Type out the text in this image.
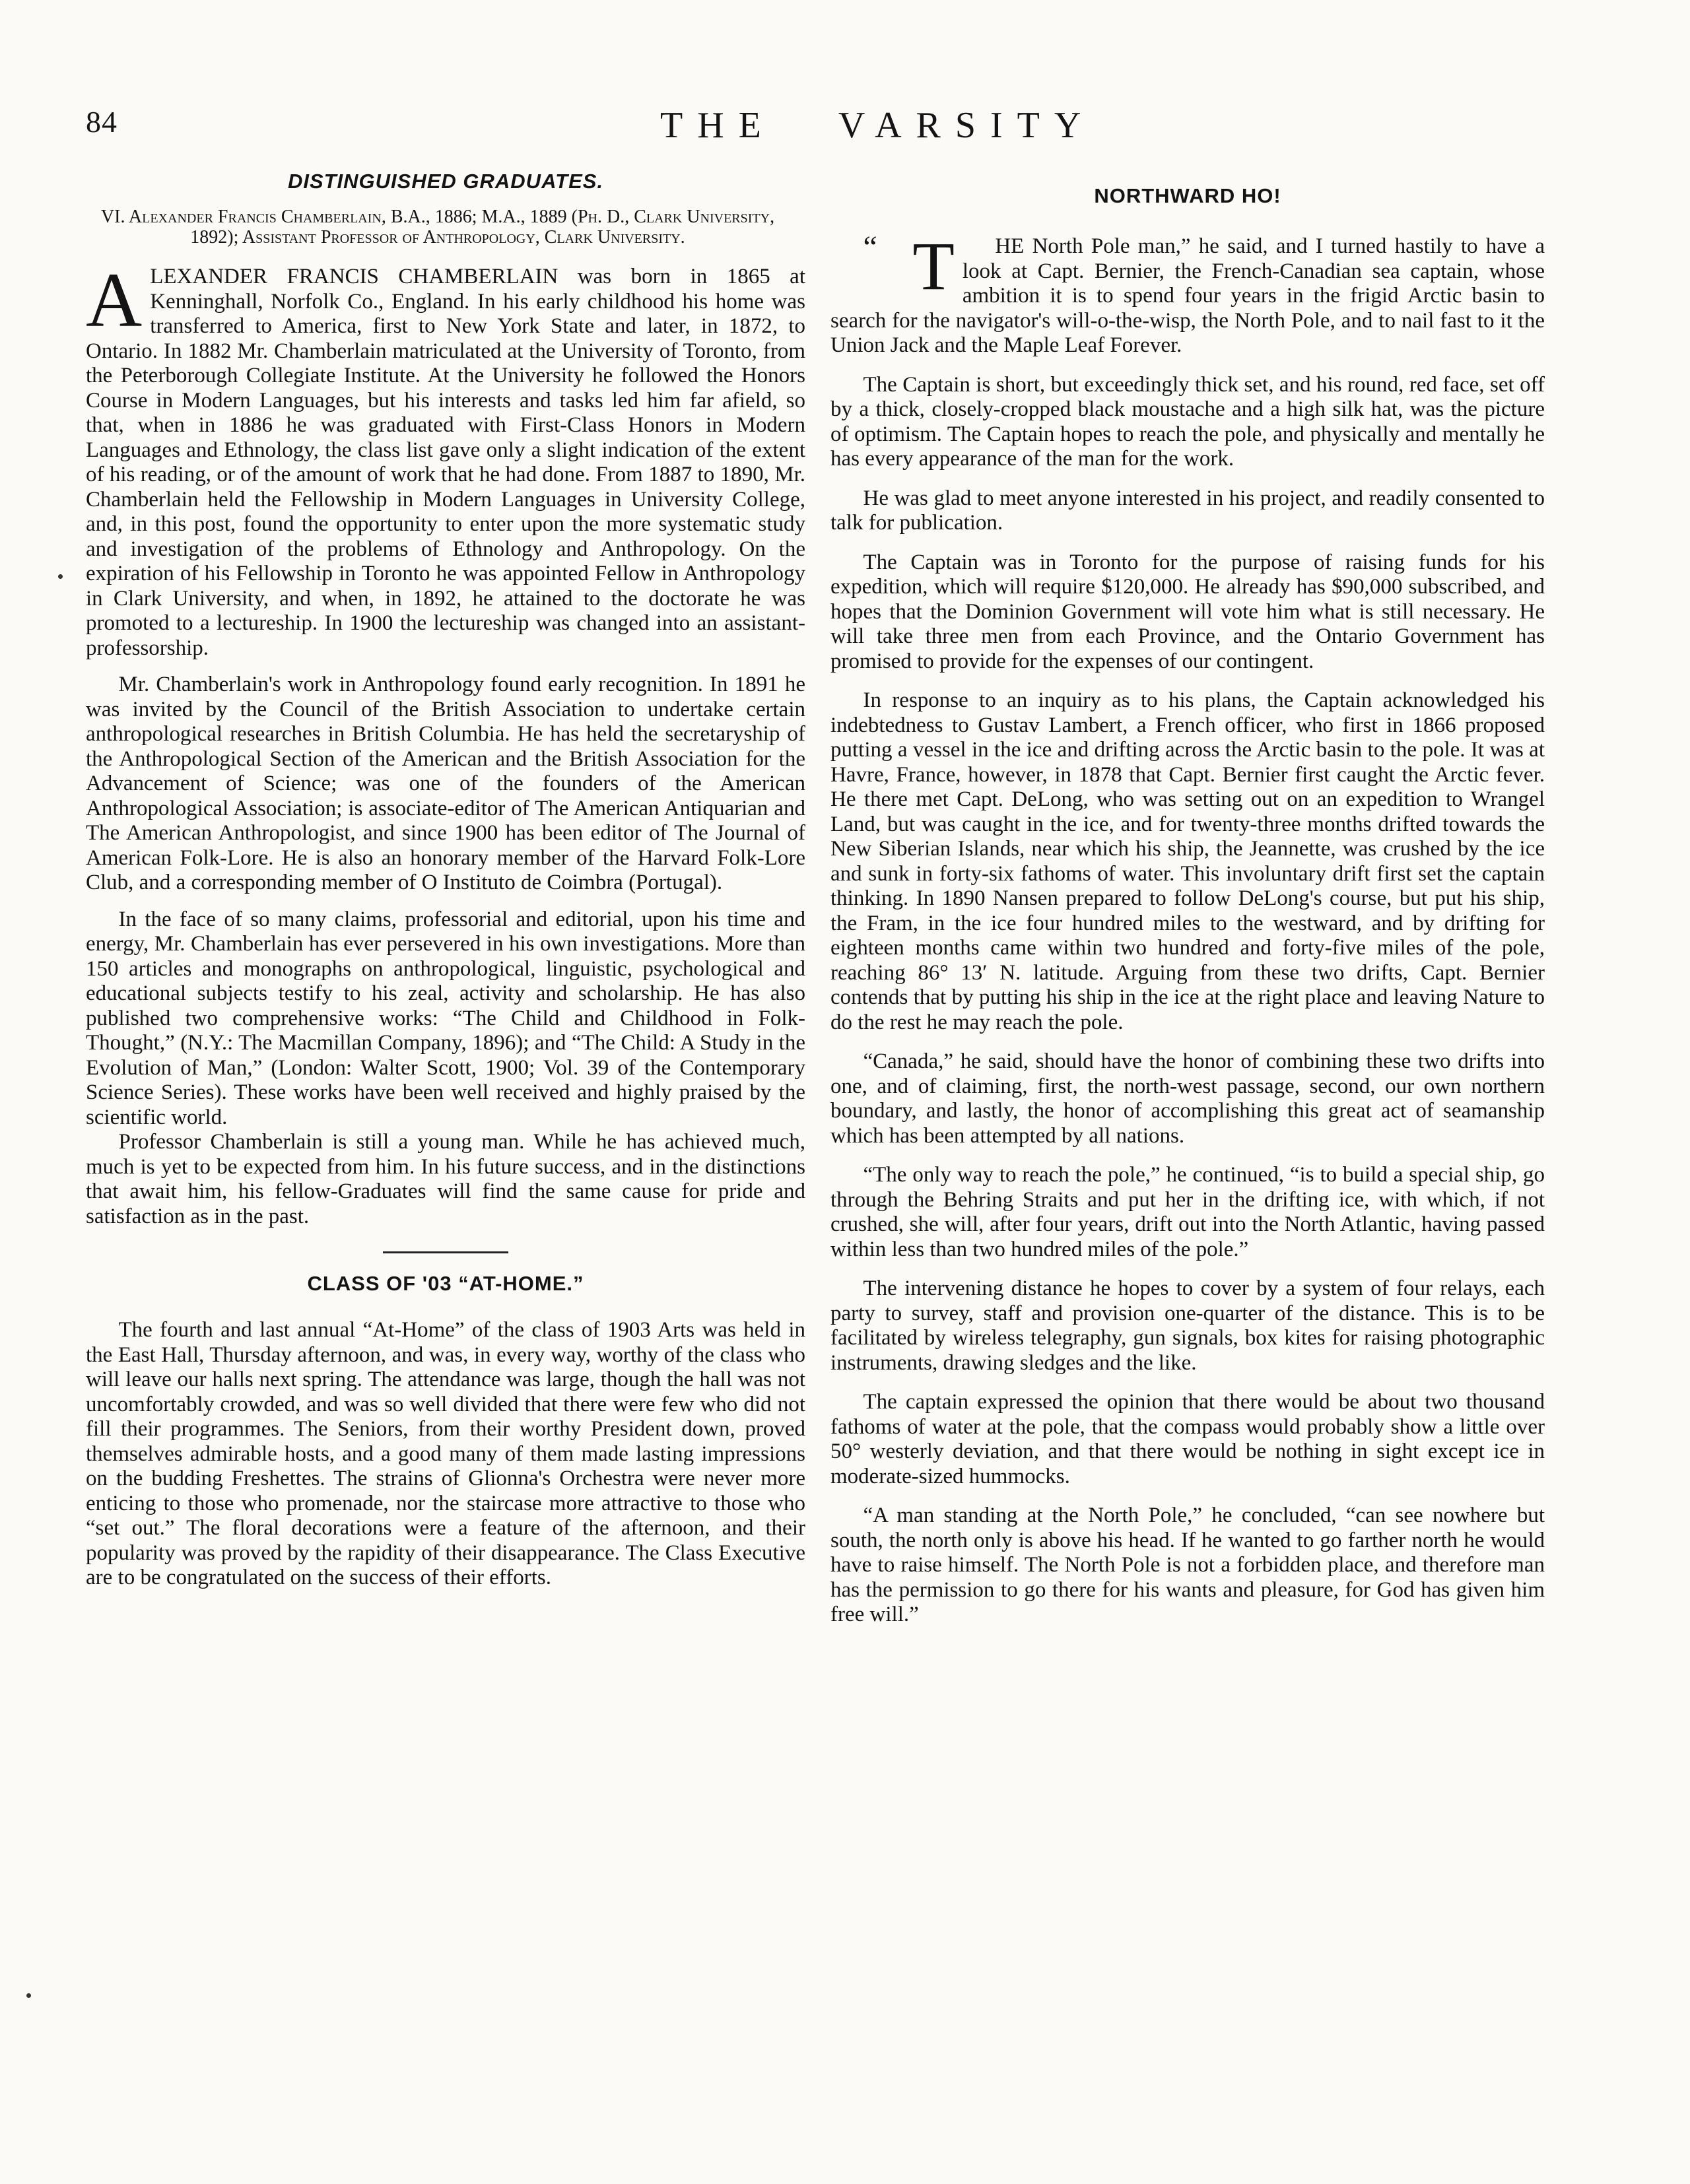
84	THE VARSITY
DISTINGUISHED GRADUATES.
VI. Alexander Francis Chamberlain, B.A., 1886; M.A., 1889 (Ph. D., Clark University, 1892); Assistant Professor of Anthropology, Clark University.

ALEXANDER FRANCIS CHAMBERLAIN was born in 1865 at Kenninghall, Norfolk Co., England. In his early childhood his home was transferred to America, first to New York State and later, in 1872, to Ontario. In 1882 Mr. Chamberlain matriculated at the University of Toronto, from the Peterborough Collegiate Institute. At the University he followed the Honors Course in Modern Languages, but his interests and tasks led him far afield, so that, when in 1886 he was graduated with First-Class Honors in Modern Languages and Ethnology, the class list gave only a slight indication of the extent of his reading, or of the amount of work that he had done. From 1887 to 1890, Mr. Chamberlain held the Fellowship in Modern Languages in University College, and, in this post, found the opportunity to enter upon the more systematic study and investigation of the problems of Ethnology and Anthropology. On the expiration of his Fellowship in Toronto he was appointed Fellow in Anthropology in Clark University, and when, in 1892, he attained to the doctorate he was promoted to a lectureship. In 1900 the lectureship was changed into an assistant-professorship.

Mr. Chamberlain's work in Anthropology found early recognition. In 1891 he was invited by the Council of the British Association to undertake certain anthropological researches in British Columbia. He has held the secretaryship of the Anthropological Section of the American and the British Association for the Advancement of Science; was one of the founders of the American Anthropological Association; is associate-editor of The American Antiquarian and The American Anthropologist, and since 1900 has been editor of The Journal of American Folk-Lore. He is also an honorary member of the Harvard Folk-Lore Club, and a corresponding member of O Instituto de Coimbra (Portugal).

In the face of so many claims, professorial and editorial, upon his time and energy, Mr. Chamberlain has ever persevered in his own investigations. More than 150 articles and monographs on anthropological, linguistic, psychological and educational subjects testify to his zeal, activity and scholarship. He has also published two comprehensive works: “The Child and Childhood in Folk-Thought,” (N.Y.: The Macmillan Company, 1896); and “The Child: A Study in the Evolution of Man,” (London: Walter Scott, 1900; Vol. 39 of the Contemporary Science Series). These works have been well received and highly praised by the scientific world.

Professor Chamberlain is still a young man. While he has achieved much, much is yet to be expected from him. In his future success, and in the distinctions that await him, his fellow-Graduates will find the same cause for pride and satisfaction as in the past.

CLASS OF '03 “AT-HOME.”

The fourth and last annual “At-Home” of the class of 1903 Arts was held in the East Hall, Thursday afternoon, and was, in every way, worthy of the class who will leave our halls next spring. The attendance was large, though the hall was not uncomfortably crowded, and was so well divided that there were few who did not fill their programmes. The Seniors, from their worthy President down, proved themselves admirable hosts, and a good many of them made lasting impressions on the budding Freshettes. The strains of Glionna's Orchestra were never more enticing to those who promenade, nor the staircase more attractive to those who “set out.” The floral decorations were a feature of the afternoon, and their popularity was proved by the rapidity of their disappearance. The Class Executive are to be congratulated on the success of their efforts.

NORTHWARD HO!

“ T HE North Pole man,” he said, and I turned hastily to have a look at Capt. Bernier, the French-Canadian sea captain, whose ambition it is to spend four years in the frigid Arctic basin to search for the navigator's will-o-the-wisp, the North Pole, and to nail fast to it the Union Jack and the Maple Leaf Forever.

The Captain is short, but exceedingly thick set, and his round, red face, set off by a thick, closely-cropped black moustache and a high silk hat, was the picture of optimism. The Captain hopes to reach the pole, and physically and mentally he has every appearance of the man for the work.

He was glad to meet anyone interested in his project, and readily consented to talk for publication.

The Captain was in Toronto for the purpose of raising funds for his expedition, which will require $120,000. He already has $90,000 subscribed, and hopes that the Dominion Government will vote him what is still necessary. He will take three men from each Province, and the Ontario Government has promised to provide for the expenses of our contingent.

In response to an inquiry as to his plans, the Captain acknowledged his indebtedness to Gustav Lambert, a French officer, who first in 1866 proposed putting a vessel in the ice and drifting across the Arctic basin to the pole. It was at Havre, France, however, in 1878 that Capt. Bernier first caught the Arctic fever. He there met Capt. DeLong, who was setting out on an expedition to Wrangel Land, but was caught in the ice, and for twenty-three months drifted towards the New Siberian Islands, near which his ship, the Jeannette, was crushed by the ice and sunk in forty-six fathoms of water. This involuntary drift first set the captain thinking. In 1890 Nansen prepared to follow DeLong's course, but put his ship, the Fram, in the ice four hundred miles to the westward, and by drifting for eighteen months came within two hundred and forty-five miles of the pole, reaching 86° 13′ N. latitude. Arguing from these two drifts, Capt. Bernier contends that by putting his ship in the ice at the right place and leaving Nature to do the rest he may reach the pole.

“Canada,” he said, should have the honor of combining these two drifts into one, and of claiming, first, the north-west passage, second, our own northern boundary, and lastly, the honor of accomplishing this great act of seamanship which has been attempted by all nations.

“The only way to reach the pole,” he continued, “is to build a special ship, go through the Behring Straits and put her in the drifting ice, with which, if not crushed, she will, after four years, drift out into the North Atlantic, having passed within less than two hundred miles of the pole.”

The intervening distance he hopes to cover by a system of four relays, each party to survey, staff and provision one-quarter of the distance. This is to be facilitated by wireless telegraphy, gun signals, box kites for raising photographic instruments, drawing sledges and the like.

The captain expressed the opinion that there would be about two thousand fathoms of water at the pole, that the compass would probably show a little over 50° westerly deviation, and that there would be nothing in sight except ice in moderate-sized hummocks.

“A man standing at the North Pole,” he concluded, “can see nowhere but south, the north only is above his head. If he wanted to go farther north he would have to raise himself. The North Pole is not a forbidden place, and therefore man has the permission to go there for his wants and pleasure, for God has given him free will.”
